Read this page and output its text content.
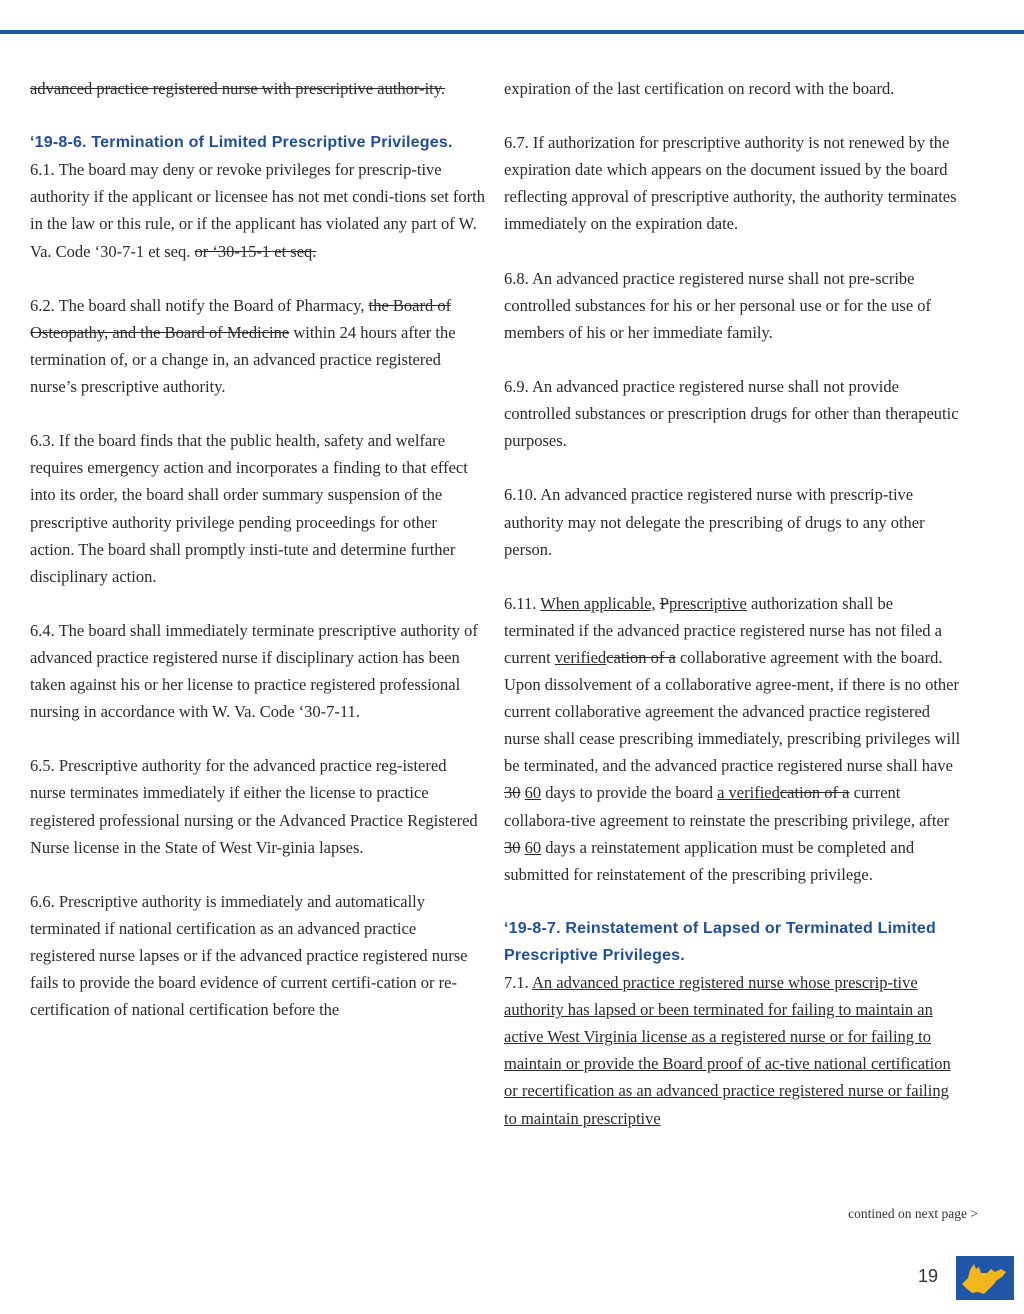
advanced practice registered nurse with prescriptive author-ity.

‘19-8-6. Termination of Limited Prescriptive Privileges.

6.1. The board may deny or revoke privileges for prescrip-tive authority if the applicant or licensee has not met condi-tions set forth in the law or this rule, or if the applicant has violated any part of W. Va. Code ‘30-7-1 et seq. or ‘30-15-1 et seq.

6.2. The board shall notify the Board of Pharmacy, the Board of Osteopathy, and the Board of Medicine within 24 hours after the termination of, or a change in, an advanced practice registered nurse’s prescriptive authority.

6.3. If the board finds that the public health, safety and welfare requires emergency action and incorporates a finding to that effect into its order, the board shall order summary suspension of the prescriptive authority privilege pending proceedings for other action. The board shall promptly insti-tute and determine further disciplinary action.

6.4. The board shall immediately terminate prescriptive authority of advanced practice registered nurse if disciplinary action has been taken against his or her license to practice registered professional nursing in accordance with W. Va. Code ‘30-7-11.

6.5. Prescriptive authority for the advanced practice reg-istered nurse terminates immediately if either the license to practice registered professional nursing or the Advanced Practice Registered Nurse license in the State of West Vir-ginia lapses.

6.6. Prescriptive authority is immediately and automatically terminated if national certification as an advanced practice registered nurse lapses or if the advanced practice registered nurse fails to provide the board evidence of current certifi-cation or re-certification of national certification before the

expiration of the last certification on record with the board.

6.7. If authorization for prescriptive authority is not renewed by the expiration date which appears on the document issued by the board reflecting approval of prescriptive authority, the authority terminates immediately on the expiration date.

6.8. An advanced practice registered nurse shall not pre-scribe controlled substances for his or her personal use or for the use of members of his or her immediate family.

6.9. An advanced practice registered nurse shall not provide controlled substances or prescription drugs for other than therapeutic purposes.

6.10. An advanced practice registered nurse with prescrip-tive authority may not delegate the prescribing of drugs to any other person.

6.11. When applicable, Pprescriptive authorization shall be terminated if the advanced practice registered nurse has not filed a current verifiedcation of a collaborative agreement with the board. Upon dissolvement of a collaborative agree-ment, if there is no other current collaborative agreement the advanced practice registered nurse shall cease prescribing immediately, prescribing privileges will be terminated, and the advanced practice registered nurse shall have 30 60 days to provide the board a verifiedcation of a current collabora-tive agreement to reinstate the prescribing privilege, after 30 60 days a reinstatement application must be completed and submitted for reinstatement of the prescribing privilege.

‘19-8-7. Reinstatement of Lapsed or Terminated Limited Prescriptive Privileges.

7.1. An advanced practice registered nurse whose prescrip-tive authority has lapsed or been terminated for failing to maintain an active West Virginia license as a registered nurse or for failing to maintain or provide the Board proof of ac-tive national certification or recertification as an advanced practice registered nurse or failing to maintain prescriptive

contined on next page >
19
